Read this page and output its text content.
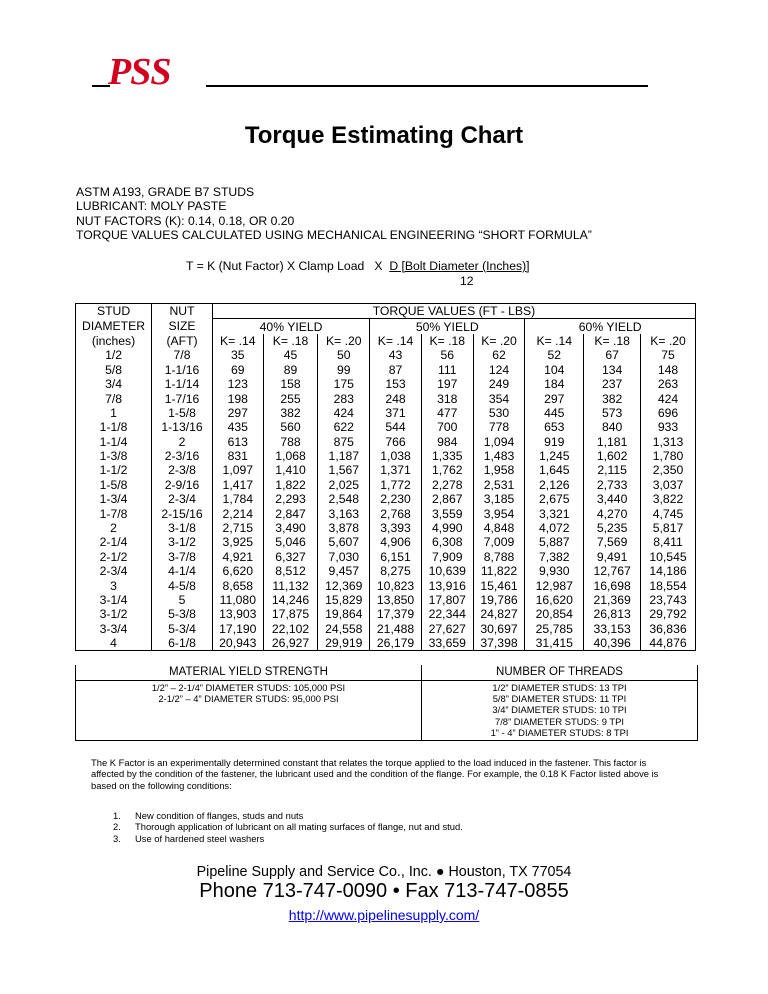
PSS
Torque Estimating Chart
ASTM A193, GRADE B7 STUDS
LUBRICANT: MOLY PASTE
NUT FACTORS (K): 0.14, 0.18, OR 0.20
TORQUE VALUES CALCULATED USING MECHANICAL ENGINEERING “SHORT FORMULA”
T = K (Nut Factor) X Clamp Load   X  D [Bolt Diameter (Inches)]
12
STUD	NUT	TORQUE VALUES (FT - LBS)								
DIAMETER	SIZE	40% YIELD			50% YIELD			60% YIELD		
(inches)	(AFT)	K= .14	K= .18	K= .20	K= .14	K= .18	K= .20	K= .14	K= .18	K= .20
1/2	7/8	35	45	50	43	56	62	52	67	75
5/8	1-1/16	69	89	99	87	111	124	104	134	148
3/4	1-1/14	123	158	175	153	197	249	184	237	263
7/8	1-7/16	198	255	283	248	318	354	297	382	424
1	1-5/8	297	382	424	371	477	530	445	573	696
1-1/8	1-13/16	435	560	622	544	700	778	653	840	933
1-1/4	2	613	788	875	766	984	1,094	919	1,181	1,313
1-3/8	2-3/16	831	1,068	1,187	1,038	1,335	1,483	1,245	1,602	1,780
1-1/2	2-3/8	1,097	1,410	1,567	1,371	1,762	1,958	1,645	2,115	2,350
1-5/8	2-9/16	1,417	1,822	2,025	1,772	2,278	2,531	2,126	2,733	3,037
1-3/4	2-3/4	1,784	2,293	2,548	2,230	2,867	3,185	2,675	3,440	3,822
1-7/8	2-15/16	2,214	2,847	3,163	2,768	3,559	3,954	3,321	4,270	4,745
2	3-1/8	2,715	3,490	3,878	3,393	4,990	4,848	4,072	5,235	5,817
2-1/4	3-1/2	3,925	5,046	5,607	4,906	6,308	7,009	5,887	7,569	8,411
2-1/2	3-7/8	4,921	6,327	7,030	6,151	7,909	8,788	7,382	9,491	10,545
2-3/4	4-1/4	6,620	8,512	9,457	8,275	10,639	11,822	9,930	12,767	14,186
3	4-5/8	8,658	11,132	12,369	10,823	13,916	15,461	12,987	16,698	18,554
3-1/4	5	11,080	14,246	15,829	13,850	17,807	19,786	16,620	21,369	23,743
3-1/2	5-3/8	13,903	17,875	19,864	17,379	22,344	24,827	20,854	26,813	29,792
3-3/4	5-3/4	17,190	22,102	24,558	21,488	27,627	30,697	25,785	33,153	36,836
4	6-1/8	20,943	26,927	29,919	26,179	33,659	37,398	31,415	40,396	44,876
MATERIAL YIELD STRENGTH	NUMBER OF THREADS
1/2” – 2-1/4” DIAMETER STUDS: 105,000 PSI
2-1/2” – 4” DIAMETER STUDS: 95,000 PSI
1/2” DIAMETER STUDS: 13 TPI
5/8” DIAMETER STUDS: 11 TPI
3/4” DIAMETER STUDS: 10 TPI
7/8” DIAMETER STUDS: 9 TPI
1” - 4” DIAMETER STUDS: 8 TPI
The K Factor is an experimentally determined constant that relates the torque applied to the load induced in the fastener. This factor is affected by the condition of the fastener, the lubricant used and the condition of the flange. For example, the 0.18 K Factor listed above is based on the following conditions:
1. New condition of flanges, studs and nuts
2. Thorough application of lubricant on all mating surfaces of flange, nut and stud.
3. Use of hardened steel washers
Pipeline Supply and Service Co., Inc. ● Houston, TX 77054
Phone 713-747-0090 • Fax 713-747-0855
http://www.pipelinesupply.com/
